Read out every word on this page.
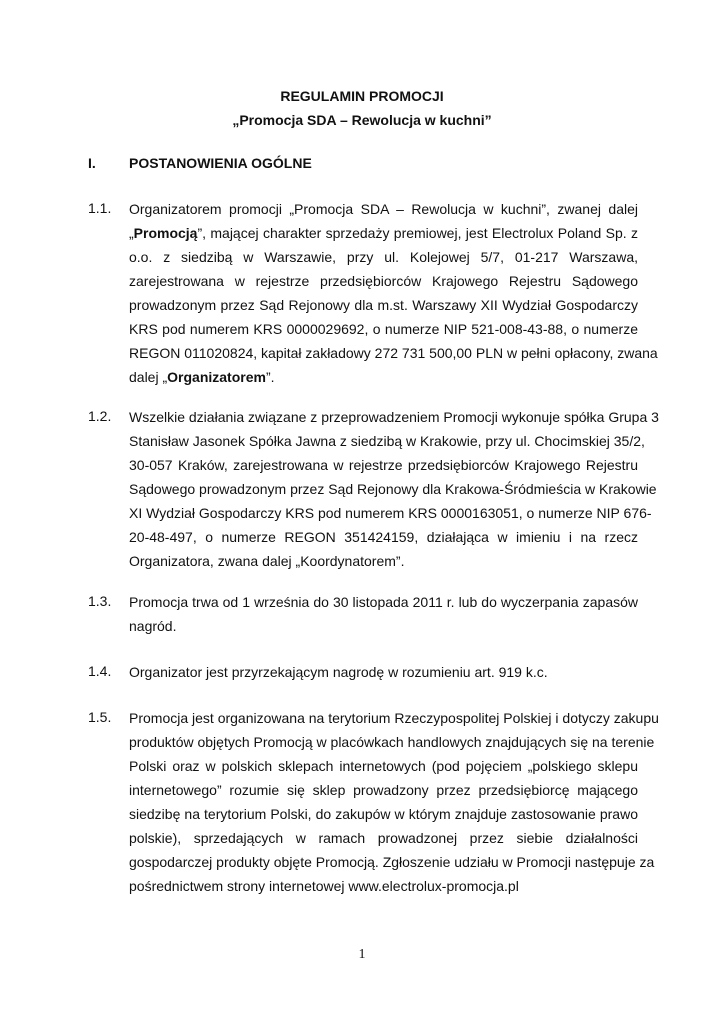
REGULAMIN PROMOCJI
„Promocja SDA – Rewolucja w kuchni”
I. POSTANOWIENIA OGÓLNE
1.1. Organizatorem promocji „Promocja SDA – Rewolucja w kuchni”, zwanej dalej
„Promocją”, mającej charakter sprzedaży premiowej, jest Electrolux Poland Sp. z
o.o. z siedzibą w Warszawie, przy ul. Kolejowej 5/7, 01-217 Warszawa,
zarejestrowana w rejestrze przedsiębiorców Krajowego Rejestru Sądowego
prowadzonym przez Sąd Rejonowy dla m.st. Warszawy XII Wydział Gospodarczy
KRS pod numerem KRS 0000029692, o numerze NIP 521-008-43-88, o numerze
REGON 011020824, kapitał zakładowy 272 731 500,00 PLN w pełni opłacony, zwana
dalej „Organizatorem”.
1.2. Wszelkie działania związane z przeprowadzeniem Promocji wykonuje spółka Grupa 3
Stanisław Jasonek Spółka Jawna z siedzibą w Krakowie, przy ul. Chocimskiej 35/2,
30-057 Kraków, zarejestrowana w rejestrze przedsiębiorców Krajowego Rejestru
Sądowego prowadzonym przez Sąd Rejonowy dla Krakowa-Śródmieścia w Krakowie
XI Wydział Gospodarczy KRS pod numerem KRS 0000163051, o numerze NIP 676-
20-48-497, o numerze REGON 351424159, działająca w imieniu i na rzecz
Organizatora, zwana dalej „Koordynatorem”.
1.3. Promocja trwa od 1 września do 30 listopada 2011 r. lub do wyczerpania zapasów
nagród.
1.4. Organizator jest przyrzekającym nagrodę w rozumieniu art. 919 k.c.
1.5. Promocja jest organizowana na terytorium Rzeczypospolitej Polskiej i dotyczy zakupu
produktów objętych Promocją w placówkach handlowych znajdujących się na terenie
Polski oraz w polskich sklepach internetowych (pod pojęciem „polskiego sklepu
internetowego” rozumie się sklep prowadzony przez przedsiębiorcę mającego
siedzibę na terytorium Polski, do zakupów w którym znajduje zastosowanie prawo
polskie), sprzedających w ramach prowadzonej przez siebie działalności
gospodarczej produkty objęte Promocją. Zgłoszenie udziału w Promocji następuje za
pośrednictwem strony internetowej www.electrolux-promocja.pl
1
